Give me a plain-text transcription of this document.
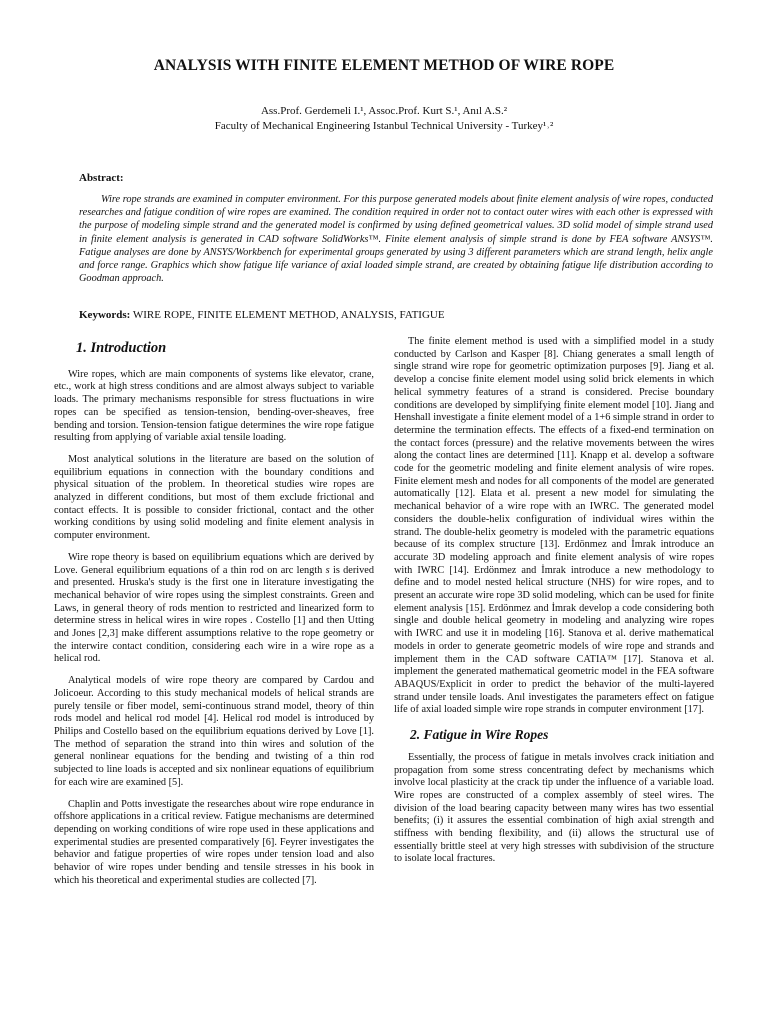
ANALYSIS WITH FINITE ELEMENT METHOD OF WIRE ROPE
Ass.Prof. Gerdemeli I.¹, Assoc.Prof. Kurt S.¹, Anıl A.S.²
Faculty of Mechanical Engineering Istanbul Technical University - Turkey¹˒²
Abstract:

Wire rope strands are examined in computer environment. For this purpose generated models about finite element analysis of wire ropes, conducted researches and fatigue condition of wire ropes are examined. The condition required in order not to contact outer wires with each other is expressed with the purpose of modeling simple strand and the generated model is confirmed by using defined geometrical values. 3D solid model of simple strand used in finite element analysis is generated in CAD software SolidWorks™. Finite element analysis of simple strand is done by FEA software ANSYS™. Fatigue analyses are done by ANSYS/Workbench for experimental groups generated by using 3 different parameters which are strand length, helix angle and force range. Graphics which show fatigue life variance of axial loaded simple strand, are created by obtaining fatigue life distribution according to Goodman approach.

Keywords: WIRE ROPE, FINITE ELEMENT METHOD, ANALYSIS, FATIGUE
1. Introduction

Wire ropes, which are main components of systems like elevator, crane, etc., work at high stress conditions and are almost always subject to variable loads. The primary mechanisms responsible for stress fluctuations in wire ropes can be specified as tension-tension, bending-over-sheaves, free bending and torsion. Tension-tension fatigue determines the wire rope fatigue resulting from applying of variable axial tensile loading.

Most analytical solutions in the literature are based on the solution of equilibrium equations in connection with the boundary conditions and physical situation of the problem. In theoretical studies wire ropes are analyzed in different conditions, but most of them exclude frictional and contact effects. It is possible to consider frictional, contact and the other working conditions by using solid modeling and finite element analysis in computer environment.

Wire rope theory is based on equilibrium equations which are derived by Love. General equilibrium equations of a thin rod on arc length s is derived and presented. Hruska's study is the first one in literature investigating the mechanical behavior of wire ropes using the simplest constraints. Green and Laws, in general theory of rods mention to restricted and linearized form to determine stress in helical wires in wire ropes . Costello [1] and then Utting and Jones [2,3] make different assumptions relative to the rope geometry or the interwire contact condition, considering each wire in a wire rope as a helical rod.

Analytical models of wire rope theory are compared by Cardou and Jolicoeur. According to this study mechanical models of helical strands are purely tensile or fiber model, semi-continuous strand model, theory of thin rods model and helical rod model [4]. Helical rod model is introduced by Philips and Costello based on the equilibrium equations derived by Love [1]. The method of separation the strand into thin wires and solution of the general nonlinear equations for the bending and twisting of a thin rod subjected to line loads is accepted and six nonlinear equations of equilibrium for each wire are examined [5].

Chaplin and Potts investigate the researches about wire rope endurance in offshore applications in a critical review. Fatigue mechanisms are determined depending on working conditions of wire rope used in these applications and experimental studies are presented comparatively [6]. Feyrer investigates the behavior and fatigue properties of wire ropes under tension load and also behavior of wire ropes under bending and tensile stresses in his book in which his theoretical and experimental studies are collected [7].

The finite element method is used with a simplified model in a study conducted by Carlson and Kasper [8]. Chiang generates a small length of single strand wire rope for geometric optimization purposes [9]. Jiang et al. develop a concise finite element model using solid brick elements in which helical symmetry features of a strand is considered. Precise boundary conditions are developed by simplifying finite element model [10]. Jiang and Henshall investigate a finite element model of a 1+6 simple strand in order to determine the termination effects. The effects of a fixed-end termination on the contact forces (pressure) and the relative movements between the wires along the contact lines are determined [11]. Knapp et al. develop a software code for the geometric modeling and finite element analysis of wire ropes. Finite element mesh and nodes for all components of the model are generated automatically [12]. Elata et al. present a new model for simulating the mechanical behavior of a wire rope with an IWRC. The generated model considers the double-helix configuration of individual wires within the strand. The double-helix geometry is modeled with the parametric equations because of its complex structure [13]. Erdönmez and İmrak introduce an accurate 3D modeling approach and finite element analysis of wire ropes with IWRC [14]. Erdönmez and İmrak introduce a new methodology to define and to model nested helical structure (NHS) for wire ropes, and to present an accurate wire rope 3D solid modeling, which can be used for finite element analysis [15]. Erdönmez and İmrak develop a code considering both single and double helical geometry in modeling and analyzing wire ropes with IWRC and use it in modeling [16]. Stanova et al. derive mathematical models in order to generate geometric models of wire rope and strands and implement them in the CAD software CATIA™ [17]. Stanova et al. implement the generated mathematical geometric model in the FEA software ABAQUS/Explicit in order to predict the behavior of the multi-layered strand under tensile loads. Anıl investigates the parameters effect on fatigue life of axial loaded simple wire rope strands in computer environment [17].

2. Fatigue in Wire Ropes

Essentially, the process of fatigue in metals involves crack initiation and propagation from some stress concentrating defect by mechanisms which involve local plasticity at the crack tip under the influence of a variable load. Wire ropes are constructed of a complex assembly of steel wires. The division of the load bearing capacity between many wires has two essential benefits; (i) it assures the essential combination of high axial strength and stiffness with bending flexibility, and (ii) allows the structural use of essentially brittle steel at very high stresses with subdivision of the structure to isolate local fractures.
